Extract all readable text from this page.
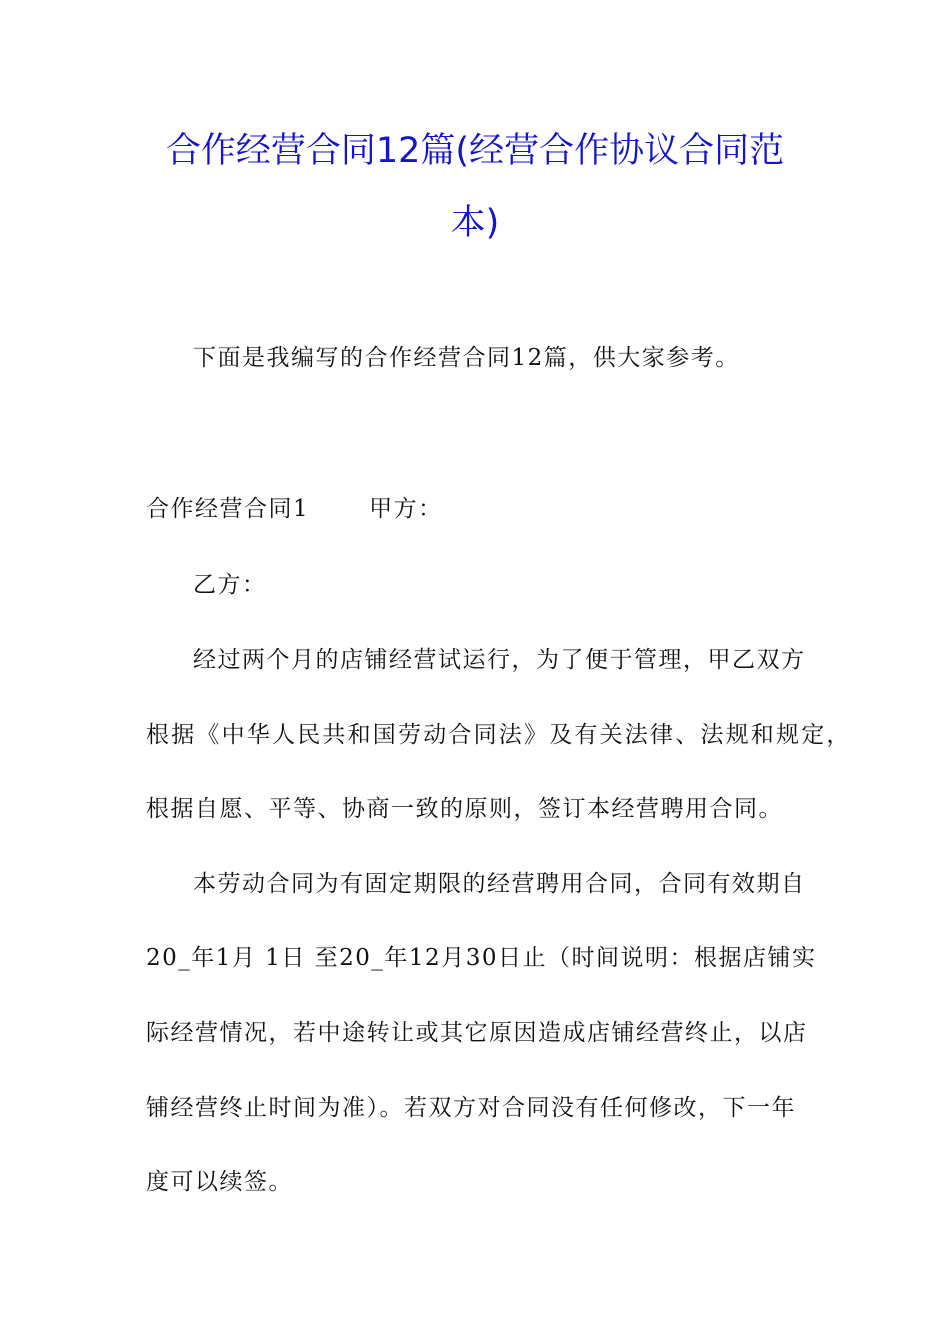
合作经营合同12篇(经营合作协议合同范
本)
下面是我编写的合作经营合同12篇，供大家参考。
合作经营合同1	甲方：
乙方：
经过两个月的店铺经营试运行，为了便于管理，甲乙双方
根据《中华人民共和国劳动合同法》及有关法律、法规和规定，
根据自愿、平等、协商一致的原则，签订本经营聘用合同。
本劳动合同为有固定期限的经营聘用合同，合同有效期自
20_年1月 1日 至20_年12月30日止（时间说明：根据店铺实
际经营情况，若中途转让或其它原因造成店铺经营终止，以店
铺经营终止时间为准）。若双方对合同没有任何修改，下一年
度可以续签。
